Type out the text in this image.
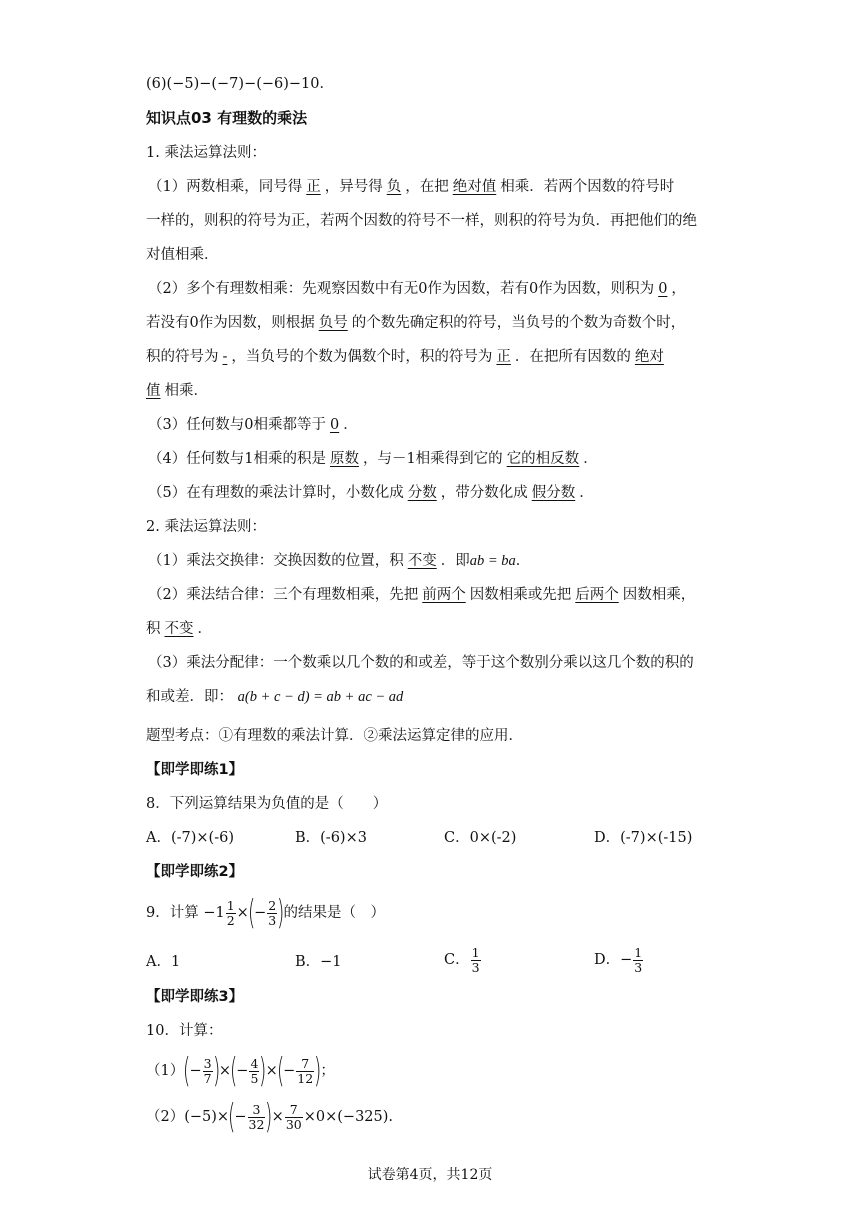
(6)(−5)−(−7)−(−6)−10．
知识点03 有理数的乘法
1. 乘法运算法则：
（1）两数相乘，同号得 正 ，异号得 负 ，在把 绝对值 相乘．若两个因数的符号时
一样的，则积的符号为正，若两个因数的符号不一样，则积的符号为负．再把他们的绝
对值相乘．
（2）多个有理数相乘：先观察因数中有无0作为因数，若有0作为因数，则积为 0 ，
若没有0作为因数，则根据 负号 的个数先确定积的符号，当负号的个数为奇数个时，
积的符号为 - ，当负号的个数为偶数个时，积的符号为 正 ．在把所有因数的 绝对
值 相乘．
（3）任何数与0相乘都等于 0 ．
（4）任何数与1相乘的积是 原数 ，与－1相乘得到它的 它的相反数 ．
（5）在有理数的乘法计算时，小数化成 分数 ，带分数化成 假分数 ．
2. 乘法运算法则：
（1）乘法交换律：交换因数的位置，积 不变 ．即ab = ba．
（2）乘法结合律：三个有理数相乘，先把 前两个 因数相乘或先把 后两个 因数相乘，
积 不变 ．
（3）乘法分配律：一个数乘以几个数的和或差，等于这个数别分乘以这几个数的积的
和或差．即： a(b + c − d) = ab + ac − ad
题型考点：①有理数的乘法计算．②乘法运算定律的应用．
【即学即练1】
8．下列运算结果为负值的是（　　）
A．(-7)×(-6)	B．(-6)×3	C．0×(-2)	D．(-7)×(-15)
【即学即练2】
9．计算 $-1 \frac{1}{2}$ ×(− $\frac{2}{3}$ )的结果是（　）
A．1	B．−1	C． $\frac{1}{3}$	D．− $\frac{1}{3}$
【即学即练3】
10．计算：
$(1)(- \frac{3}{7}$ )×(− $\frac{4}{5}$ )×(− $\frac{7}{12}$ )；
$(2)(-5)\times(- \frac{3}{32}$ )× $\frac{7}{30} \times 0\times(-325)$.
试卷第4页，共12页
